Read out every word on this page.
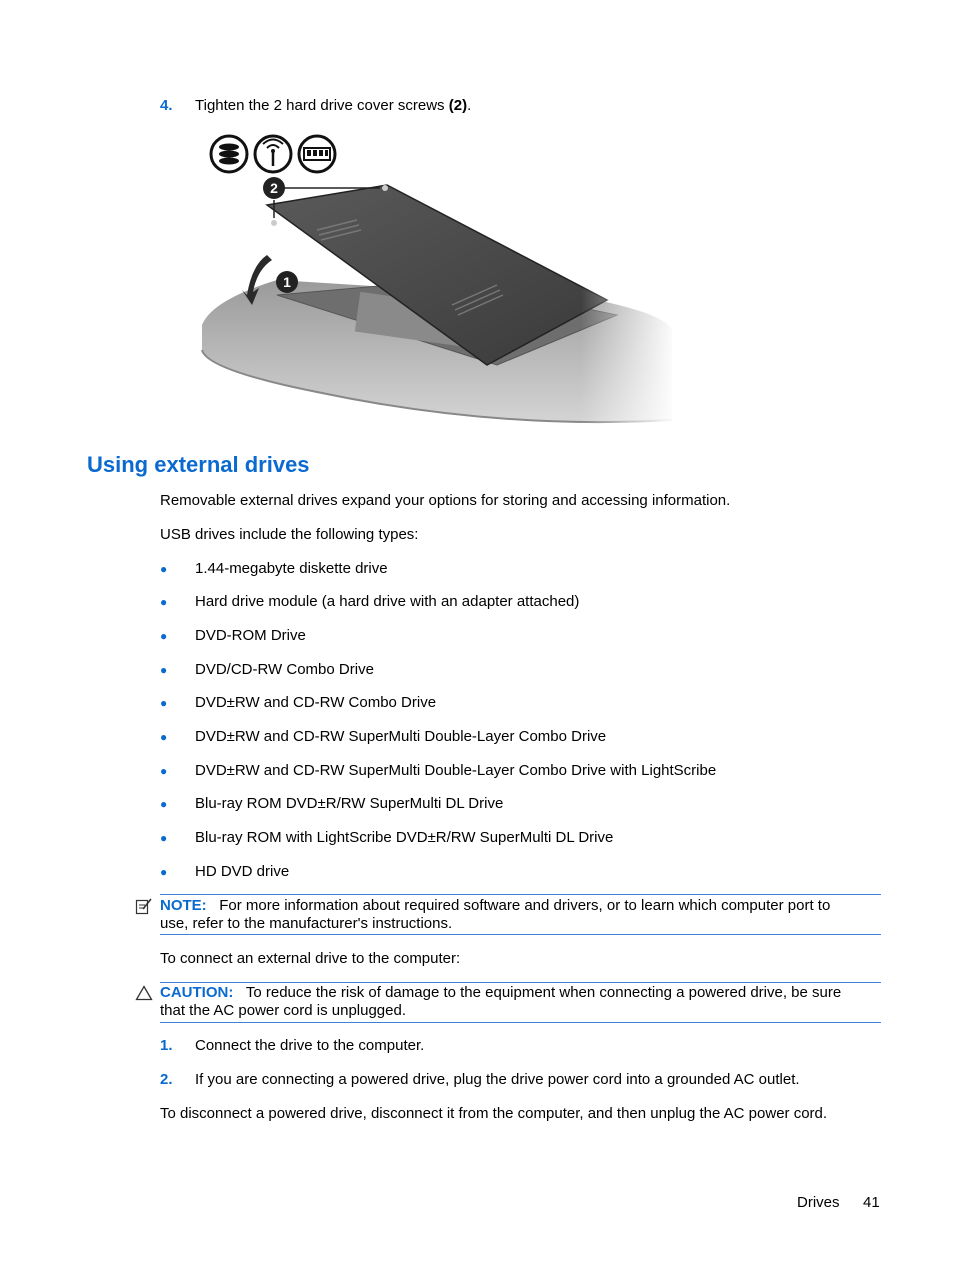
4. Tighten the 2 hard drive cover screws (2).
Using external drives

Removable external drives expand your options for storing and accessing information.

USB drives include the following types:

● 1.44-megabyte diskette drive
● Hard drive module (a hard drive with an adapter attached)
● DVD-ROM Drive
● DVD/CD-RW Combo Drive
● DVD±RW and CD-RW Combo Drive
● DVD±RW and CD-RW SuperMulti Double-Layer Combo Drive
● DVD±RW and CD-RW SuperMulti Double-Layer Combo Drive with LightScribe
● Blu-ray ROM DVD±R/RW SuperMulti DL Drive
● Blu-ray ROM with LightScribe DVD±R/RW SuperMulti DL Drive
● HD DVD drive
NOTE: For more information about required software and drivers, or to learn which computer port to
use, refer to the manufacturer's instructions.

To connect an external drive to the computer:

CAUTION: To reduce the risk of damage to the equipment when connecting a powered drive, be sure
that the AC power cord is unplugged.
1. Connect the drive to the computer.
2. If you are connecting a powered drive, plug the drive power cord into a grounded AC outlet.

To disconnect a powered drive, disconnect it from the computer, and then unplug the AC power cord.

Drives 41
